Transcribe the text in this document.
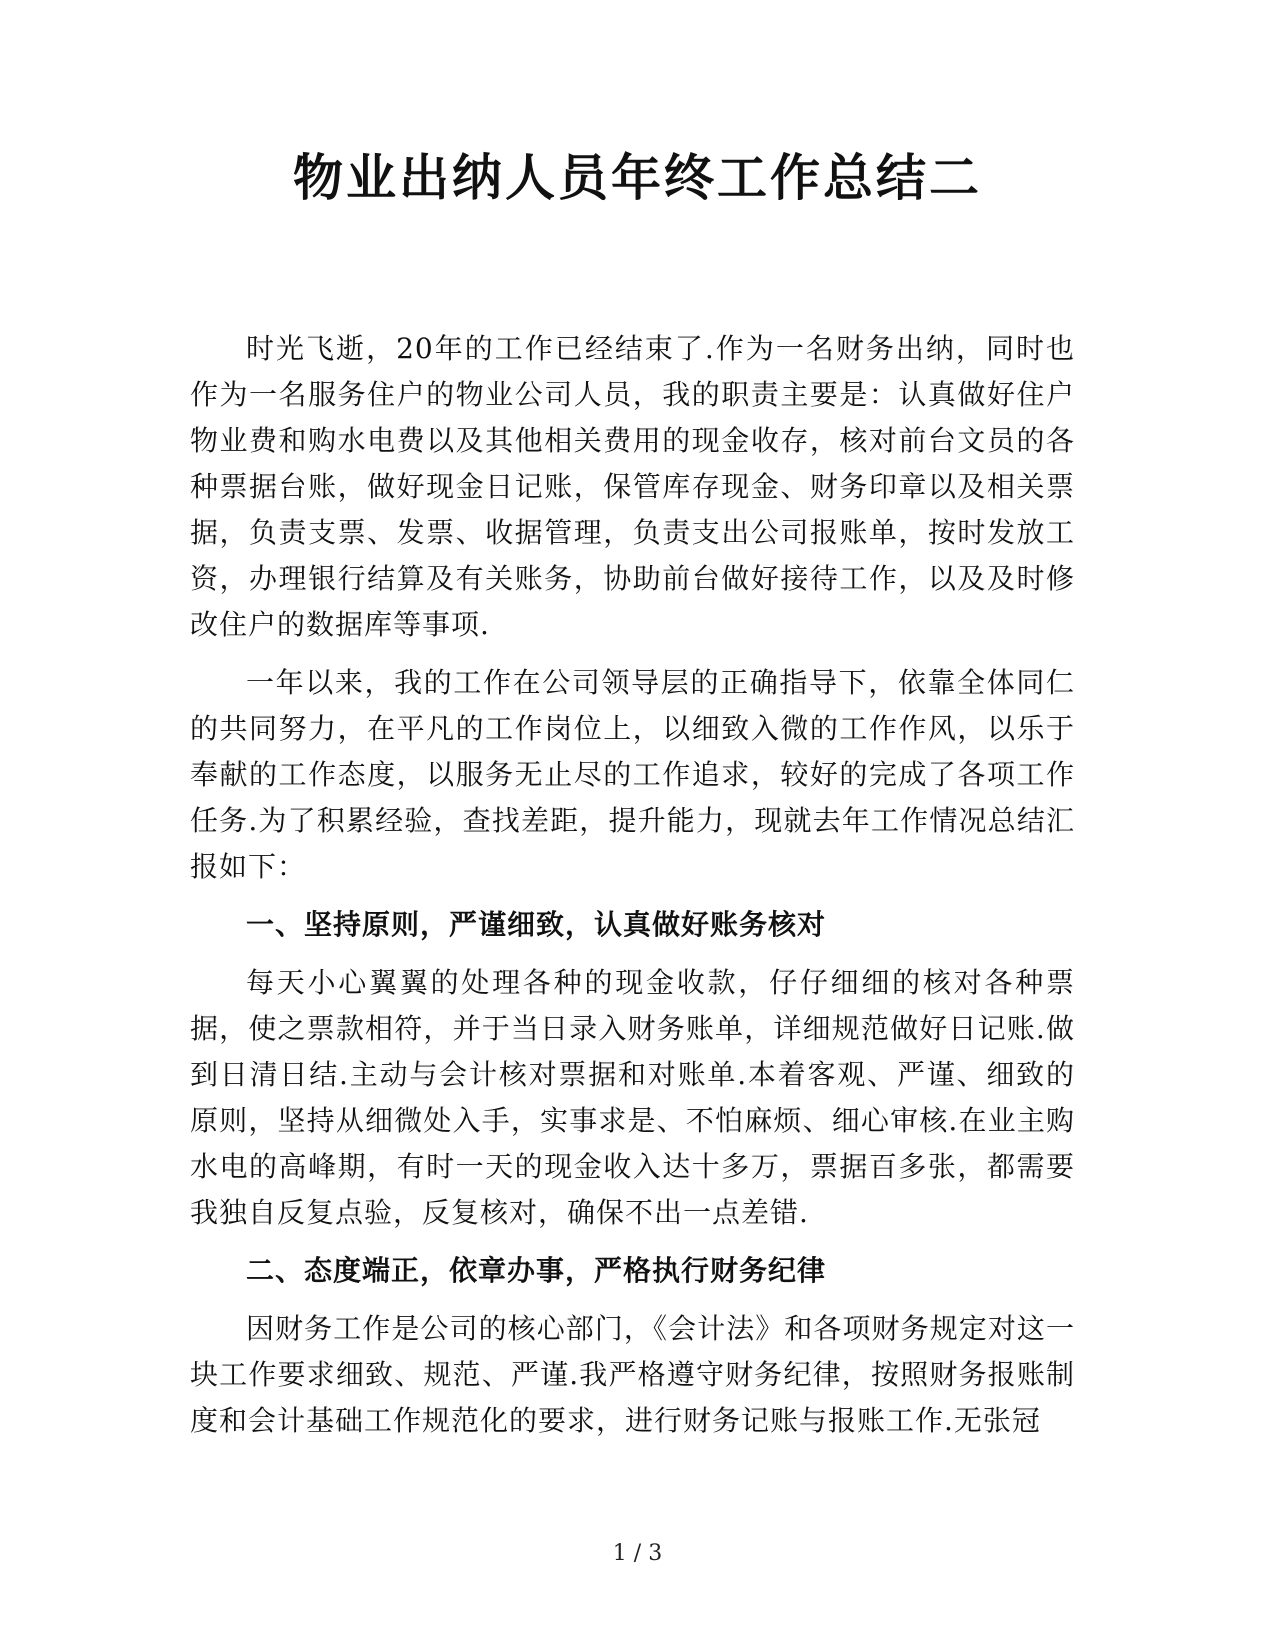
物业出纳人员年终工作总结二

时光飞逝，20年的工作已经结束了.作为一名财务出纳，同时也作为一名服务住户的物业公司人员，我的职责主要是：认真做好住户物业费和购水电费以及其他相关费用的现金收存，核对前台文员的各种票据台账，做好现金日记账，保管库存现金、财务印章以及相关票据，负责支票、发票、收据管理，负责支出公司报账单，按时发放工资，办理银行结算及有关账务，协助前台做好接待工作，以及及时修改住户的数据库等事项.

一年以来，我的工作在公司领导层的正确指导下，依靠全体同仁的共同努力，在平凡的工作岗位上，以细致入微的工作作风，以乐于奉献的工作态度，以服务无止尽的工作追求，较好的完成了各项工作任务.为了积累经验，查找差距，提升能力，现就去年工作情况总结汇报如下：

一、坚持原则，严谨细致，认真做好账务核对

每天小心翼翼的处理各种的现金收款，仔仔细细的核对各种票据，使之票款相符，并于当日录入财务账单，详细规范做好日记账.做到日清日结.主动与会计核对票据和对账单.本着客观、严谨、细致的原则，坚持从细微处入手，实事求是、不怕麻烦、细心审核.在业主购水电的高峰期，有时一天的现金收入达十多万，票据百多张，都需要我独自反复点验，反复核对，确保不出一点差错.

二、态度端正，依章办事，严格执行财务纪律

因财务工作是公司的核心部门，《会计法》和各项财务规定对这一块工作要求细致、规范、严谨.我严格遵守财务纪律，按照财务报账制度和会计基础工作规范化的要求，进行财务记账与报账工作.无张冠

1 / 3
